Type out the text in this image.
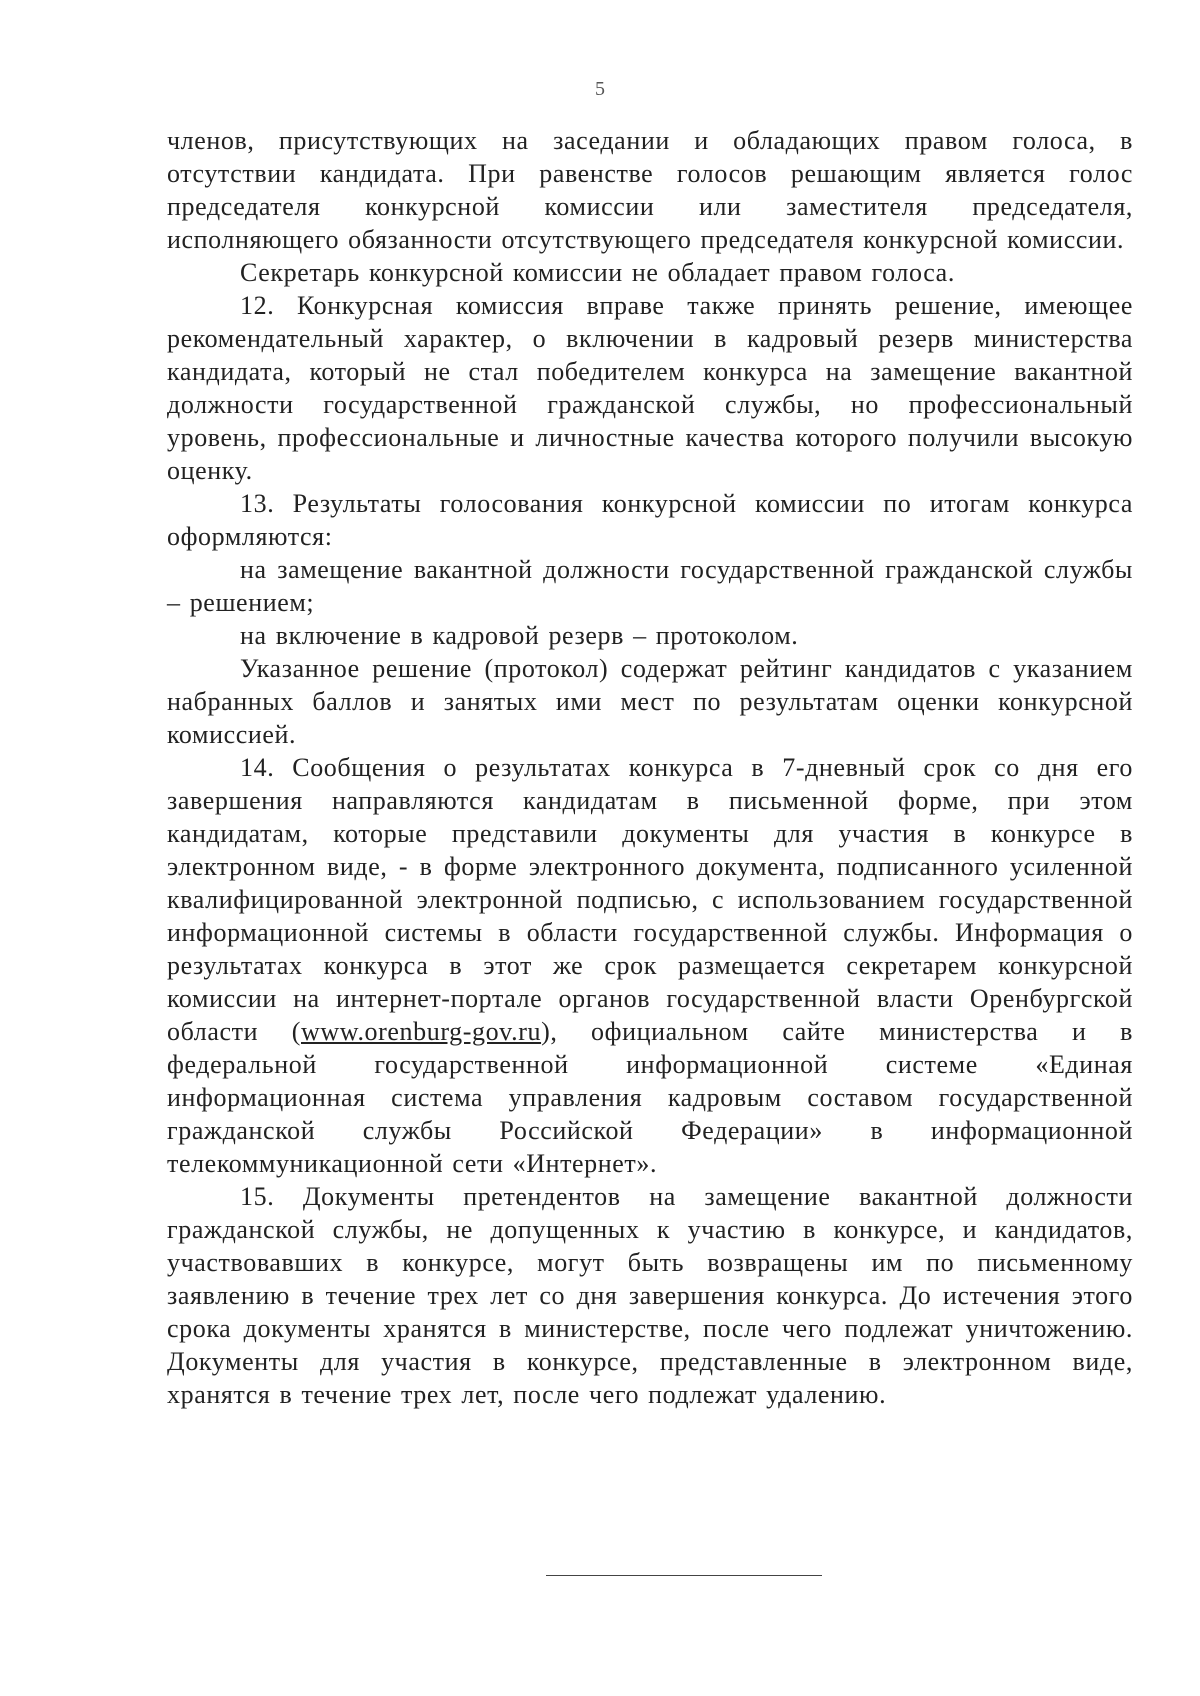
5

членов, присутствующих на заседании и обладающих правом голоса, в отсутствии кандидата. При равенстве голосов решающим является голос председателя конкурсной комиссии или заместителя председателя, исполняющего обязанности отсутствующего председателя конкурсной комиссии.

Секретарь конкурсной комиссии не обладает правом голоса.

12. Конкурсная комиссия вправе также принять решение, имеющее рекомендательный характер, о включении в кадровый резерв министерства кандидата, который не стал победителем конкурса на замещение вакантной должности государственной гражданской службы, но профессиональный уровень, профессиональные и личностные качества которого получили высокую оценку.

13. Результаты голосования конкурсной комиссии по итогам конкурса оформляются:

на замещение вакантной должности государственной гражданской службы – решением;

на включение в кадровой резерв – протоколом.

Указанное решение (протокол) содержат рейтинг кандидатов с указанием набранных баллов и занятых ими мест по результатам оценки конкурсной комиссией.

14. Сообщения о результатах конкурса в 7-дневный срок со дня его завершения направляются кандидатам в письменной форме, при этом кандидатам, которые представили документы для участия в конкурсе в электронном виде, - в форме электронного документа, подписанного усиленной квалифицированной электронной подписью, с использованием государственной информационной системы в области государственной службы. Информация о результатах конкурса в этот же срок размещается секретарем конкурсной комиссии на интернет-портале органов государственной власти Оренбургской области (www.orenburg-gov.ru), официальном сайте министерства и в федеральной государственной информационной системе «Единая информационная система управления кадровым составом государственной гражданской службы Российской Федерации» в информационной телекоммуникационной сети «Интернет».

15. Документы претендентов на замещение вакантной должности гражданской службы, не допущенных к участию в конкурсе, и кандидатов, участвовавших в конкурсе, могут быть возвращены им по письменному заявлению в течение трех лет со дня завершения конкурса. До истечения этого срока документы хранятся в министерстве, после чего подлежат уничтожению. Документы для участия в конкурсе, представленные в электронном виде, хранятся в течение трех лет, после чего подлежат удалению.
